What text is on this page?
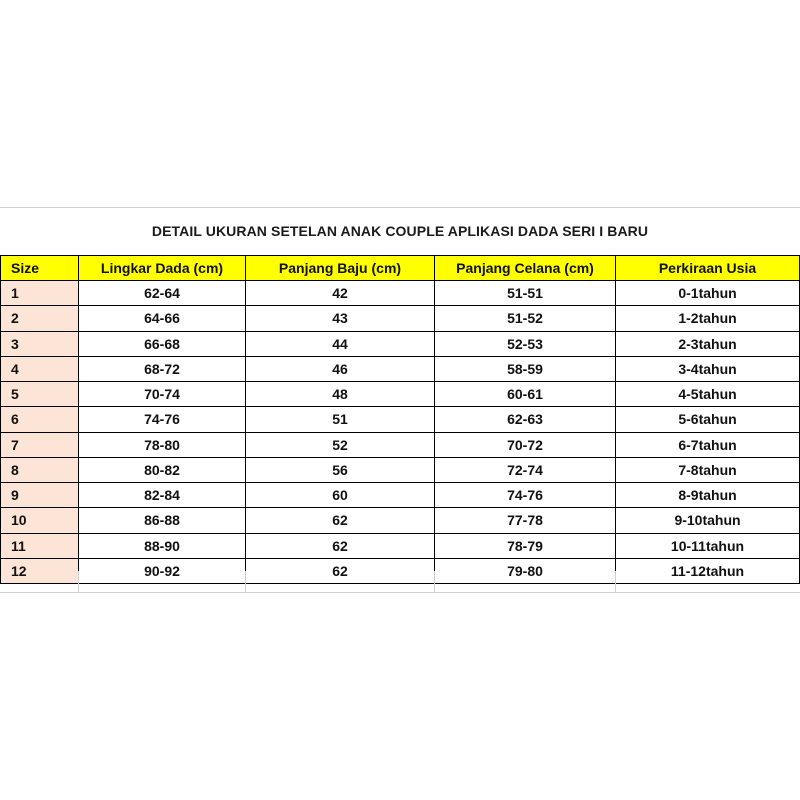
DETAIL UKURAN SETELAN ANAK COUPLE APLIKASI DADA SERI I BARU
Size	Lingkar Dada (cm)	Panjang Baju (cm)	Panjang Celana (cm)	Perkiraan Usia
1	62-64	42	51-51	0-1tahun
2	64-66	43	51-52	1-2tahun
3	66-68	44	52-53	2-3tahun
4	68-72	46	58-59	3-4tahun
5	70-74	48	60-61	4-5tahun
6	74-76	51	62-63	5-6tahun
7	78-80	52	70-72	6-7tahun
8	80-82	56	72-74	7-8tahun
9	82-84	60	74-76	8-9tahun
10	86-88	62	77-78	9-10tahun
11	88-90	62	78-79	10-11tahun
12	90-92	62	79-80	11-12tahun
